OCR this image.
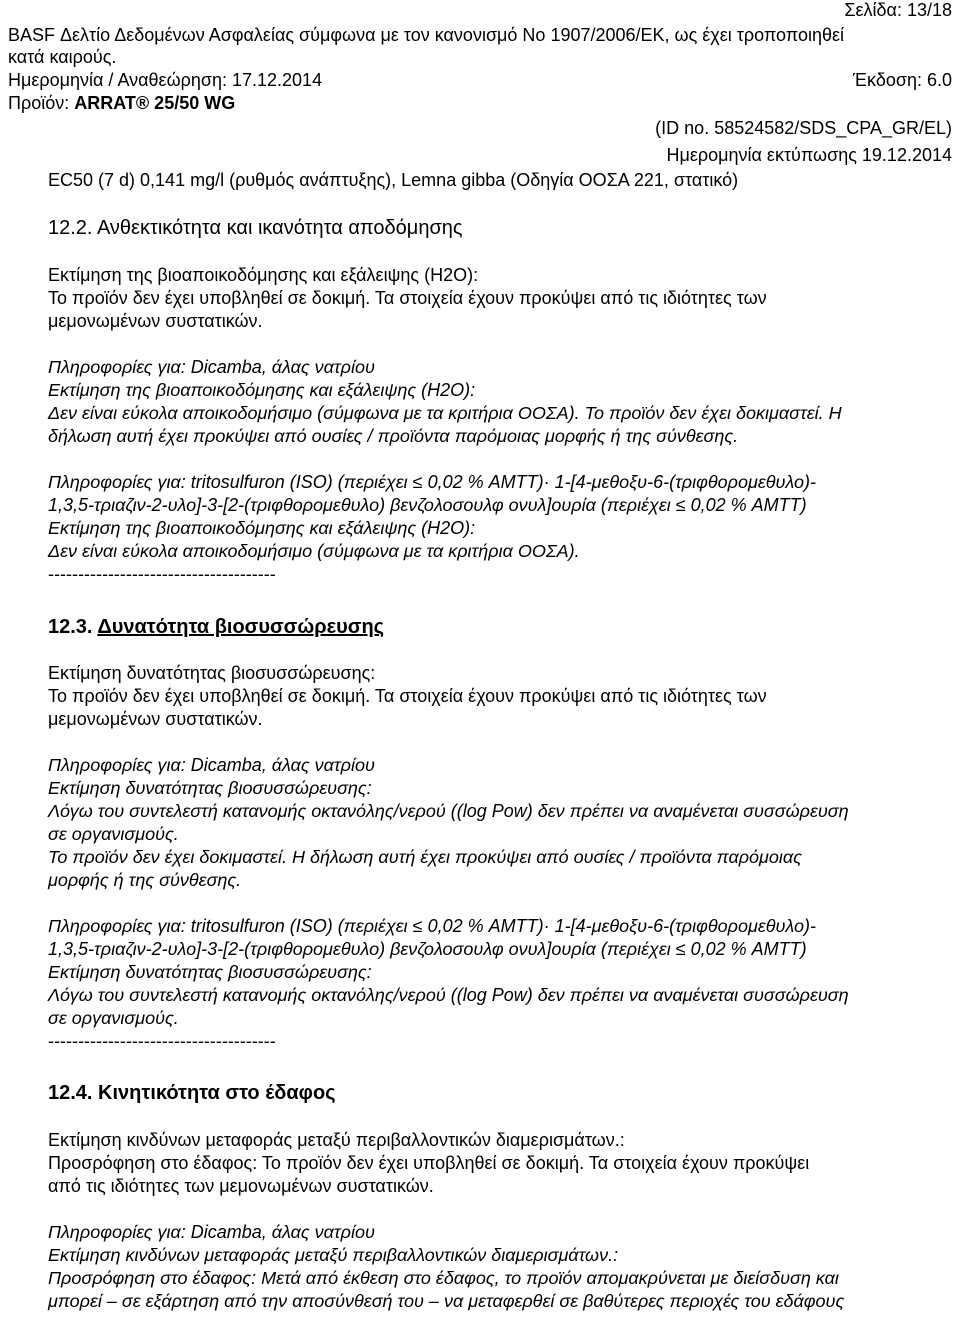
Σελίδα: 13/18
BASF Δελτίο Δεδομένων Ασφαλείας σύμφωνα με τον κανονισμό Νο 1907/2006/ΕΚ, ως έχει τροποποιηθεί
κατά καιρούς.
Ημερομηνία / Αναθεώρηση: 17.12.2014	Έκδοση: 6.0
Προϊόν: ARRAT® 25/50 WG
(ID no. 58524582/SDS_CPA_GR/EL)
Ημερομηνία εκτύπωσης 19.12.2014
EC50 (7 d) 0,141 mg/l (ρυθμός ανάπτυξης), Lemna gibba (Οδηγία ΟΟΣΑ 221, στατικό)
12.2. Ανθεκτικότητα και ικανότητα αποδόμησης
Εκτίμηση της βιοαποικοδόμησης και εξάλειψης (H2O):
Το προϊόν δεν έχει υποβληθεί σε δοκιμή. Τα στοιχεία έχουν προκύψει από τις ιδιότητες των
μεμονωμένων συστατικών.
Πληροφορίες για: Dicamba, άλας νατρίου
Εκτίμηση της βιοαποικοδόμησης και εξάλειψης (H2O):
Δεν είναι εύκολα αποικοδομήσιμο (σύμφωνα με τα κριτήρια ΟΟΣΑ). Το προϊόν δεν έχει δοκιμαστεί. Η
δήλωση αυτή έχει προκύψει από ουσίες / προϊόντα παρόμοιας μορφής ή της σύνθεσης.
Πληροφορίες για: tritosulfuron (ISO) (περιέχει ≤ 0,02 % AMTT)· 1-[4-μεθοξυ-6-(τριφθορομεθυλο)-
1,3,5-τριαζιν-2-υλο]-3-[2-(τριφθορομεθυλο) βενζολοσουλφ ονυλ]ουρία (περιέχει ≤ 0,02 % AMTT)
Εκτίμηση της βιοαποικοδόμησης και εξάλειψης (H2O):
Δεν είναι εύκολα αποικοδομήσιμο (σύμφωνα με τα κριτήρια ΟΟΣΑ).
--------------------------------------
12.3. Δυνατότητα βιοσυσσώρευσης
Εκτίμηση δυνατότητας βιοσυσσώρευσης:
Το προϊόν δεν έχει υποβληθεί σε δοκιμή. Τα στοιχεία έχουν προκύψει από τις ιδιότητες των
μεμονωμένων συστατικών.
Πληροφορίες για: Dicamba, άλας νατρίου
Εκτίμηση δυνατότητας βιοσυσσώρευσης:
Λόγω του συντελεστή κατανομής οκτανόλης/νερού ((log Pow) δεν πρέπει να αναμένεται συσσώρευση
σε οργανισμούς.
Το προϊόν δεν έχει δοκιμαστεί. Η δήλωση αυτή έχει προκύψει από ουσίες / προϊόντα παρόμοιας
μορφής ή της σύνθεσης.
Πληροφορίες για: tritosulfuron (ISO) (περιέχει ≤ 0,02 % AMTT)· 1-[4-μεθοξυ-6-(τριφθορομεθυλο)-
1,3,5-τριαζιν-2-υλο]-3-[2-(τριφθορομεθυλο) βενζολοσουλφ ονυλ]ουρία (περιέχει ≤ 0,02 % AMTT)
Εκτίμηση δυνατότητας βιοσυσσώρευσης:
Λόγω του συντελεστή κατανομής οκτανόλης/νερού ((log Pow) δεν πρέπει να αναμένεται συσσώρευση
σε οργανισμούς.
--------------------------------------
12.4. Κινητικότητα στο έδαφος
Εκτίμηση κινδύνων μεταφοράς μεταξύ περιβαλλοντικών διαμερισμάτων.:
Προσρόφηση στο έδαφος: Το προϊόν δεν έχει υποβληθεί σε δοκιμή. Τα στοιχεία έχουν προκύψει
από τις ιδιότητες των μεμονωμένων συστατικών.
Πληροφορίες για: Dicamba, άλας νατρίου
Εκτίμηση κινδύνων μεταφοράς μεταξύ περιβαλλοντικών διαμερισμάτων.:
Προσρόφηση στο έδαφος: Μετά από έκθεση στο έδαφος, το προϊόν απομακρύνεται με διείσδυση και
μπορεί – σε εξάρτηση από την αποσύνθεσή του – να μεταφερθεί σε βαθύτερες περιοχές του εδάφους
